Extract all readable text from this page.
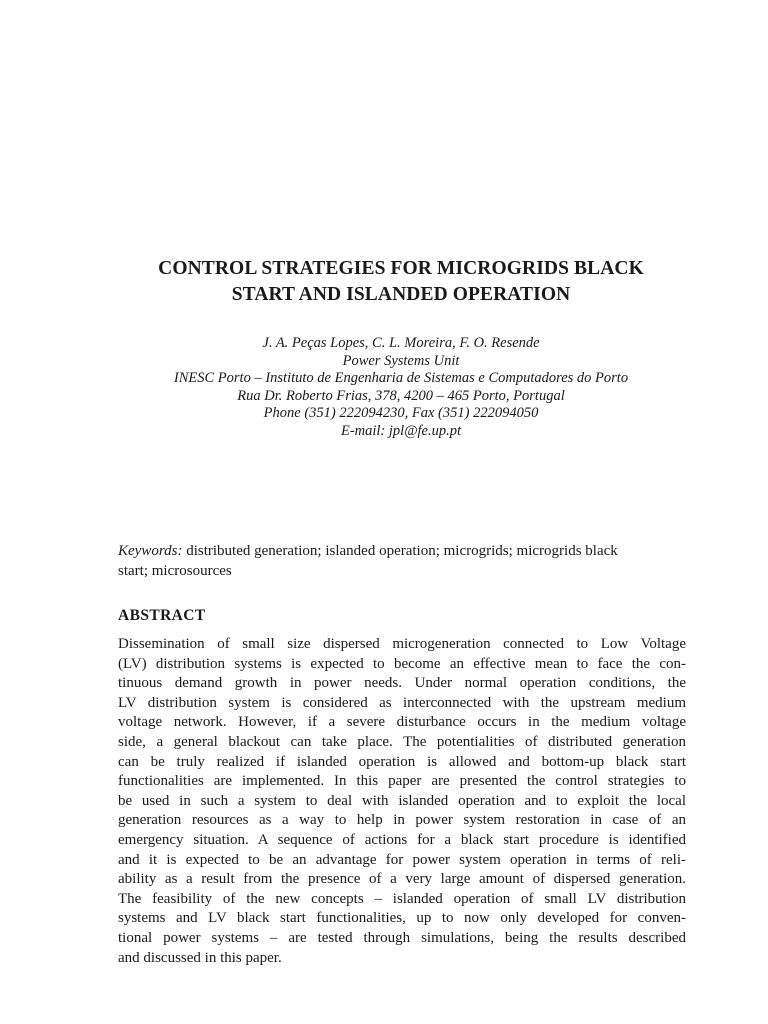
CONTROL STRATEGIES FOR MICROGRIDS BLACK
START AND ISLANDED OPERATION
J. A. Peças Lopes, C. L. Moreira, F. O. Resende
Power Systems Unit
INESC Porto – Instituto de Engenharia de Sistemas e Computadores do Porto
Rua Dr. Roberto Frias, 378, 4200 – 465 Porto, Portugal
Phone (351) 222094230, Fax (351) 222094050
E-mail: jpl@fe.up.pt
Keywords: distributed generation; islanded operation; microgrids; microgrids black
start; microsources
ABSTRACT
Dissemination of small size dispersed microgeneration connected to Low Voltage
(LV) distribution systems is expected to become an effective mean to face the con-
tinuous demand growth in power needs. Under normal operation conditions, the
LV distribution system is considered as interconnected with the upstream medium
voltage network. However, if a severe disturbance occurs in the medium voltage
side, a general blackout can take place. The potentialities of distributed generation
can be truly realized if islanded operation is allowed and bottom-up black start
functionalities are implemented. In this paper are presented the control strategies to
be used in such a system to deal with islanded operation and to exploit the local
generation resources as a way to help in power system restoration in case of an
emergency situation. A sequence of actions for a black start procedure is identified
and it is expected to be an advantage for power system operation in terms of reli-
ability as a result from the presence of a very large amount of dispersed generation.
The feasibility of the new concepts – islanded operation of small LV distribution
systems and LV black start functionalities, up to now only developed for conven-
tional power systems – are tested through simulations, being the results described
and discussed in this paper.
